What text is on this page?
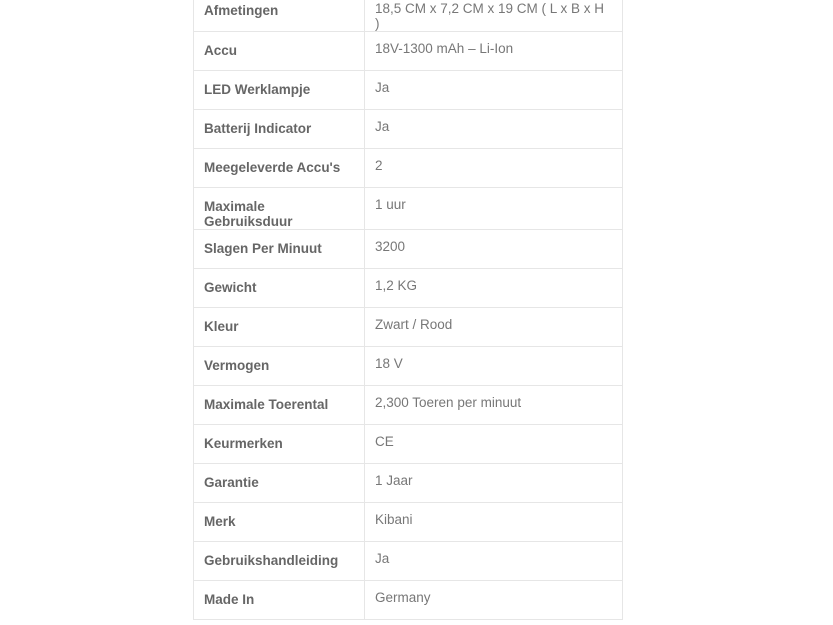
Afmetingen	18,5 CM x 7,2 CM x 19 CM ( L x B x H )
Accu	18V-1300 mAh – Li-Ion
LED Werklampje	Ja
Batterij Indicator	Ja
Meegeleverde Accu's	2
Maximale Gebruiksduur	1 uur
Slagen Per Minuut	3200
Gewicht	1,2 KG
Kleur	Zwart / Rood
Vermogen	18 V
Maximale Toerental	2,300 Toeren per minuut
Keurmerken	CE
Garantie	1 Jaar
Merk	Kibani
Gebruikshandleiding	Ja
Made In	Germany
